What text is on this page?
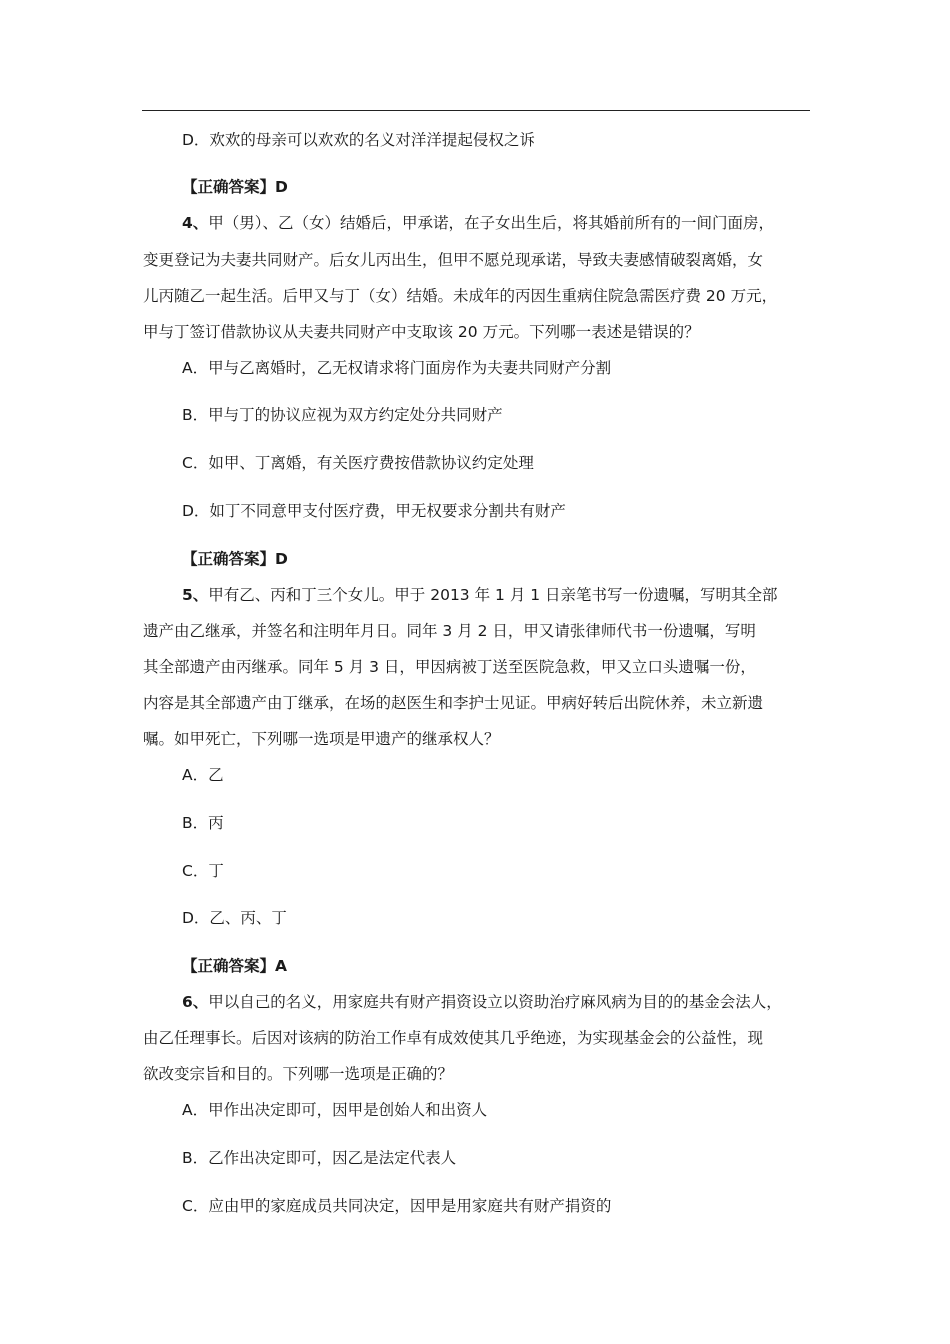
D．欢欢的母亲可以欢欢的名义对洋洋提起侵权之诉
【正确答案】D
4、甲（男）、乙（女）结婚后，甲承诺，在子女出生后，将其婚前所有的一间门面房，
变更登记为夫妻共同财产。后女儿丙出生，但甲不愿兑现承诺，导致夫妻感情破裂离婚，女
儿丙随乙一起生活。后甲又与丁（女）结婚。未成年的丙因生重病住院急需医疗费 20 万元，
甲与丁签订借款协议从夫妻共同财产中支取该 20 万元。下列哪一表述是错误的？
A．甲与乙离婚时，乙无权请求将门面房作为夫妻共同财产分割
B．甲与丁的协议应视为双方约定处分共同财产
C．如甲、丁离婚，有关医疗费按借款协议约定处理
D．如丁不同意甲支付医疗费，甲无权要求分割共有财产
【正确答案】D
5、甲有乙、丙和丁三个女儿。甲于 2013 年 1 月 1 日亲笔书写一份遗嘱，写明其全部
遗产由乙继承，并签名和注明年月日。同年 3 月 2 日，甲又请张律师代书一份遗嘱，写明
其全部遗产由丙继承。同年 5 月 3 日，甲因病被丁送至医院急救，甲又立口头遗嘱一份，
内容是其全部遗产由丁继承，在场的赵医生和李护士见证。甲病好转后出院休养，未立新遗
嘱。如甲死亡，下列哪一选项是甲遗产的继承权人？
A．乙
B．丙
C．丁
D．乙、丙、丁
【正确答案】A
6、甲以自己的名义，用家庭共有财产捐资设立以资助治疗麻风病为目的的基金会法人，
由乙任理事长。后因对该病的防治工作卓有成效使其几乎绝迹，为实现基金会的公益性，现
欲改变宗旨和目的。下列哪一选项是正确的？
A．甲作出决定即可，因甲是创始人和出资人
B．乙作出决定即可，因乙是法定代表人
C．应由甲的家庭成员共同决定，因甲是用家庭共有财产捐资的
